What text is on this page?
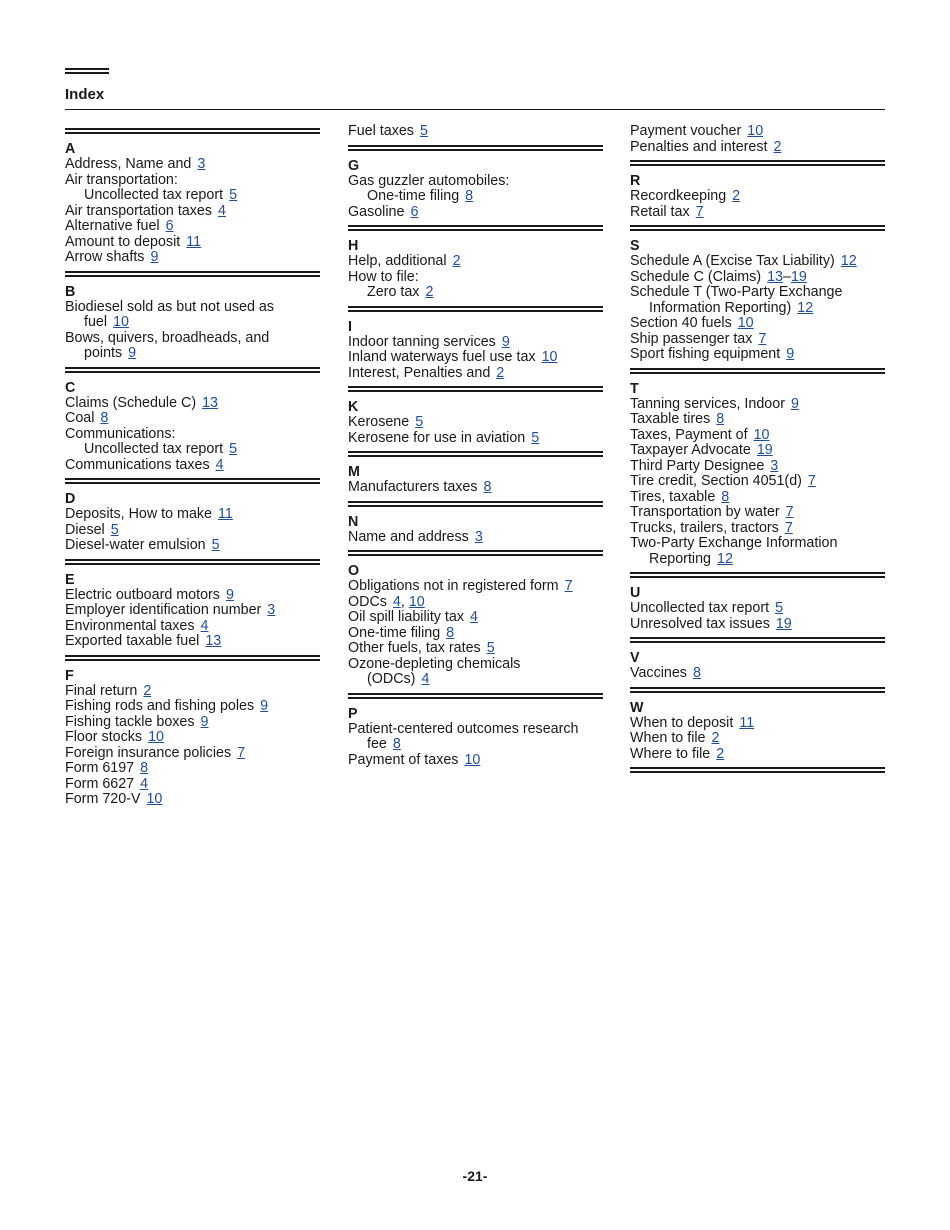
Index
A
Address, Name and 3
Air transportation:
Uncollected tax report 5
Air transportation taxes 4
Alternative fuel 6
Amount to deposit 11
Arrow shafts 9
B
Biodiesel sold as but not used as
fuel 10
Bows, quivers, broadheads, and
points 9
C
Claims (Schedule C) 13
Coal 8
Communications:
Uncollected tax report 5
Communications taxes 4
D
Deposits, How to make 11
Diesel 5
Diesel-water emulsion 5
E
Electric outboard motors 9
Employer identification number 3
Environmental taxes 4
Exported taxable fuel 13
F
Final return 2
Fishing rods and fishing poles 9
Fishing tackle boxes 9
Floor stocks 10
Foreign insurance policies 7
Form 6197 8
Form 6627 4
Form 720-V 10
Fuel taxes 5
G
Gas guzzler automobiles:
One-time filing 8
Gasoline 6
H
Help, additional 2
How to file:
Zero tax 2
I
Indoor tanning services 9
Inland waterways fuel use tax 10
Interest, Penalties and 2
K
Kerosene 5
Kerosene for use in aviation 5
M
Manufacturers taxes 8
N
Name and address 3
O
Obligations not in registered form 7
ODCs 4, 10
Oil spill liability tax 4
One-time filing 8
Other fuels, tax rates 5
Ozone-depleting chemicals
(ODCs) 4
P
Patient-centered outcomes research
fee 8
Payment of taxes 10
Payment voucher 10
Penalties and interest 2
R
Recordkeeping 2
Retail tax 7
S
Schedule A (Excise Tax Liability) 12
Schedule C (Claims) 13–19
Schedule T (Two-Party Exchange
Information Reporting) 12
Section 40 fuels 10
Ship passenger tax 7
Sport fishing equipment 9
T
Tanning services, Indoor 9
Taxable tires 8
Taxes, Payment of 10
Taxpayer Advocate 19
Third Party Designee 3
Tire credit, Section 4051(d) 7
Tires, taxable 8
Transportation by water 7
Trucks, trailers, tractors 7
Two-Party Exchange Information
Reporting 12
U
Uncollected tax report 5
Unresolved tax issues 19
V
Vaccines 8
W
When to deposit 11
When to file 2
Where to file 2
-21-
